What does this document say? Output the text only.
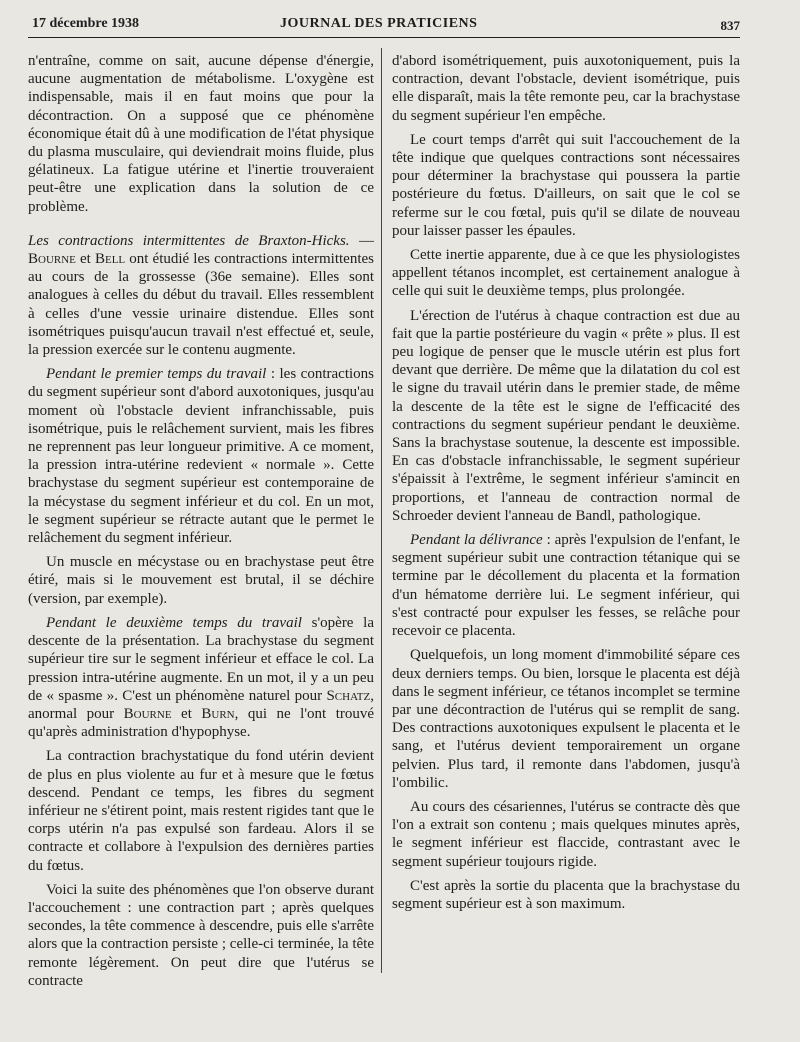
17 décembre 1938	JOURNAL DES PRATICIENS	837

n'entraîne, comme on sait, aucune dépense d'énergie, aucune augmentation de métabolisme. L'oxygène est indispensable, mais il en faut moins que pour la décontraction. On a supposé que ce phénomène économique était dû à une modification de l'état physique du plasma musculaire, qui deviendrait moins fluide, plus gélatineux. La fatigue utérine et l'inertie trouveraient peut-être une explication dans la solution de ce problème.

Les contractions intermittentes de Braxton-Hicks. — Bourne et Bell ont étudié les contractions intermittentes au cours de la grossesse (36e semaine). Elles sont analogues à celles du début du travail. Elles ressemblent à celles d'une vessie urinaire distendue. Elles sont isométriques puisqu'aucun travail n'est effectué et, seule, la pression exercée sur le contenu augmente.

Pendant le premier temps du travail : les contractions du segment supérieur sont d'abord auxotoniques, jusqu'au moment où l'obstacle devient infranchissable, puis isométrique, puis le relâchement survient, mais les fibres ne reprennent pas leur longueur primitive. A ce moment, la pression intra-utérine redevient « normale ». Cette brachystase du segment supérieur est contemporaine de la mécystase du segment inférieur et du col. En un mot, le segment supérieur se rétracte autant que le permet le relâchement du segment inférieur.

Un muscle en mécystase ou en brachystase peut être étiré, mais si le mouvement est brutal, il se déchire (version, par exemple).

Pendant le deuxième temps du travail s'opère la descente de la présentation. La brachystase du segment supérieur tire sur le segment inférieur et efface le col. La pression intra-utérine augmente. En un mot, il y a un peu de « spasme ». C'est un phénomène naturel pour Schatz, anormal pour Bourne et Burn, qui ne l'ont trouvé qu'après administration d'hypophyse.

La contraction brachystatique du fond utérin devient de plus en plus violente au fur et à mesure que le fœtus descend. Pendant ce temps, les fibres du segment inférieur ne s'étirent point, mais restent rigides tant que le corps utérin n'a pas expulsé son fardeau. Alors il se contracte et collabore à l'expulsion des dernières parties du fœtus.

Voici la suite des phénomènes que l'on observe durant l'accouchement : une contraction part ; après quelques secondes, la tête commence à descendre, puis elle s'arrête alors que la contraction persiste ; celle-ci terminée, la tête remonte légèrement. On peut dire que l'utérus se contracte

d'abord isométriquement, puis auxotoniquement, puis la contraction, devant l'obstacle, devient isométrique, puis elle disparaît, mais la tête remonte peu, car la brachystase du segment supérieur l'en empêche.

Le court temps d'arrêt qui suit l'accouchement de la tête indique que quelques contractions sont nécessaires pour déterminer la brachystase qui poussera la partie postérieure du fœtus. D'ailleurs, on sait que le col se referme sur le cou fœtal, puis qu'il se dilate de nouveau pour laisser passer les épaules.

Cette inertie apparente, due à ce que les physiologistes appellent tétanos incomplet, est certainement analogue à celle qui suit le deuxième temps, plus prolongée.

L'érection de l'utérus à chaque contraction est due au fait que la partie postérieure du vagin « prête » plus. Il est peu logique de penser que le muscle utérin est plus fort devant que derrière. De même que la dilatation du col est le signe du travail utérin dans le premier stade, de même la descente de la tête est le signe de l'efficacité des contractions du segment supérieur pendant le deuxième. Sans la brachystase soutenue, la descente est impossible. En cas d'obstacle infranchissable, le segment supérieur s'épaissit à l'extrême, le segment inférieur s'amincit en proportions, et l'anneau de contraction normal de Schroeder devient l'anneau de Bandl, pathologique.

Pendant la délivrance : après l'expulsion de l'enfant, le segment supérieur subit une contraction tétanique qui se termine par le décollement du placenta et la formation d'un hématome derrière lui. Le segment inférieur, qui s'est contracté pour expulser les fesses, se relâche pour recevoir ce placenta.

Quelquefois, un long moment d'immobilité sépare ces deux derniers temps. Ou bien, lorsque le placenta est déjà dans le segment inférieur, ce tétanos incomplet se termine par une décontraction de l'utérus qui se remplit de sang. Des contractions auxotoniques expulsent le placenta et le sang, et l'utérus devient temporairement un organe pelvien. Plus tard, il remonte dans l'abdomen, jusqu'à l'ombilic.

Au cours des césariennes, l'utérus se contracte dès que l'on a extrait son contenu ; mais quelques minutes après, le segment inférieur est flaccide, contrastant avec le segment supérieur toujours rigide.

C'est après la sortie du placenta que la brachystase du segment supérieur est à son maximum.
